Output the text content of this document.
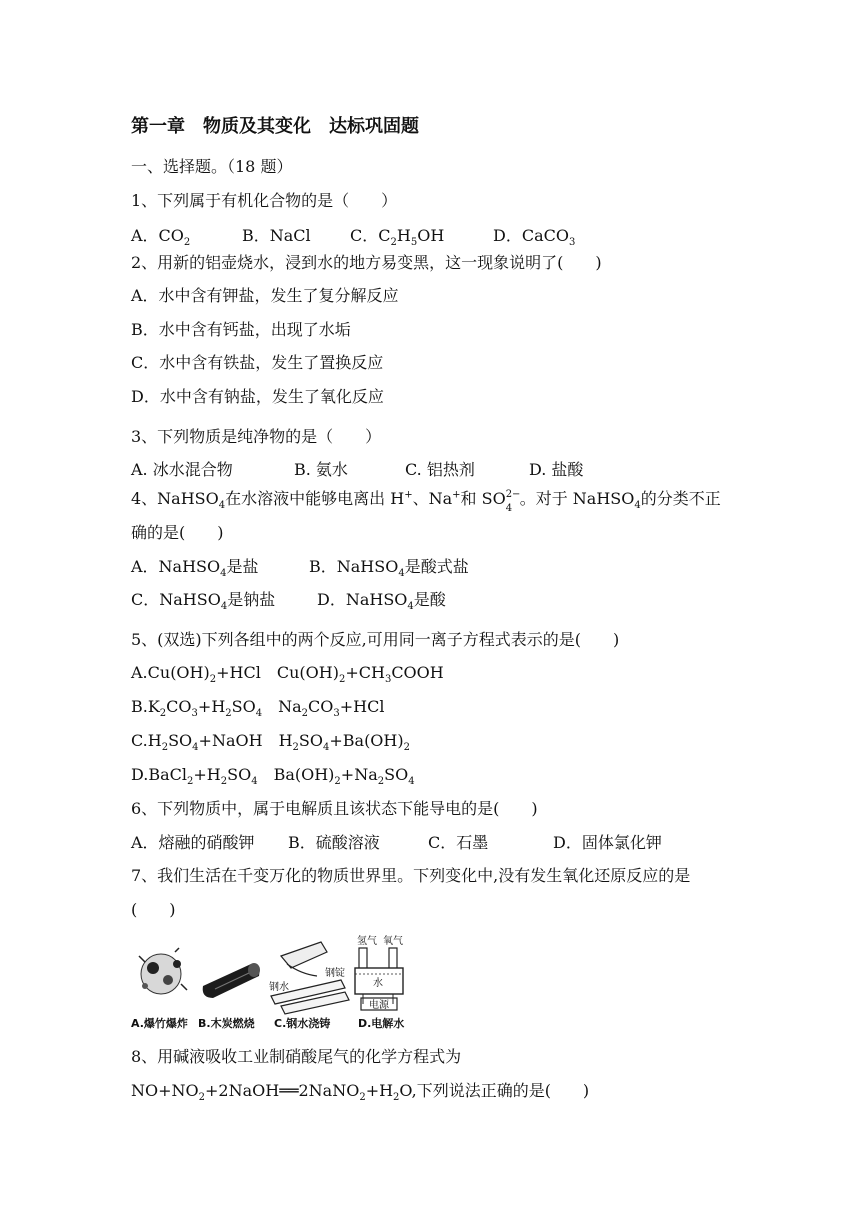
第一章　物质及其变化　达标巩固题
一、选择题。（18 题）
1、下列属于有机化合物的是（　　）
A．$CO_2$	B．NaCl C．$C_2H_5OH$	D．CaCO$_3$
2、用新的铝壶烧水，浸到水的地方易变黑，这一现象说明了(　　)
A．水中含有钾盐，发生了复分解反应
B．水中含有钙盐，出现了水垢
C．水中含有铁盐，发生了置换反应
D．水中含有钠盐，发生了氧化反应
3、下列物质是纯净物的是（　　）
A. 冰水混合物	B. 氨水	C. 铝热剂	D. 盐酸
4、NaHSO$_4$在水溶液中能够电离出 H+、Na+和 SO 2−
4
。对于 NaHSO$_4$的分类不正
确的是(　　)
A．NaHSO$_4$是盐	B．NaHSO$_4$是酸式盐
C．NaHSO$_4$是钠盐	D．NaHSO$_4$是酸
5、(双选)下列各组中的两个反应,可用同一离子方程式表示的是(　　)
$A.Cu(OH)_2+HCl$　$Cu(OH)_2+CH_3COOH$
$B.K_2CO_3+H_2SO_4$　$Na_2CO_3+HCl$
$C.H_2SO_4+NaOH$　$H_2SO_4+Ba(OH)_2$
$D.BaCl_2+H_2SO_4$　$Ba(OH)_2+Na_2SO_4$
6、下列物质中，属于电解质且该状态下能导电的是(　　)
A．熔融的硝酸钾 B．硫酸溶液	C．石墨	D．固体氯化钾
7、我们生活在千变万化的物质世界里。下列变化中,没有发生氧化还原反应的是
(　　)
钢锭
钢水
氢气 氧气
水
电源
A.爆竹爆炸 B.木炭燃烧 C.钢水浇铸	D.电解水
8、用碱液吸收工业制硝酸尾气的化学方程式为
$NO+NO_2+2NaOH══2NaNO_2+H_2O$,下列说法正确的是(　　)
